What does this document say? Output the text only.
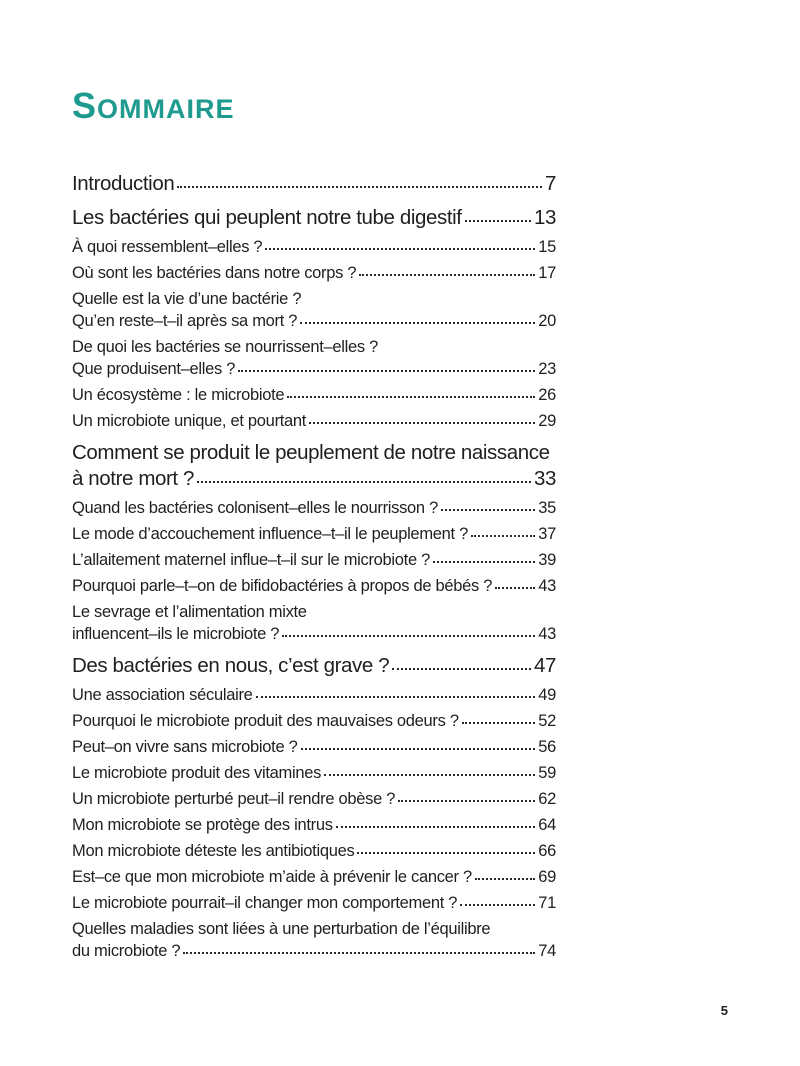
SOMMAIRE
Introduction	7
Les bactéries qui peuplent notre tube digestif	13
À quoi ressemblent–elles ?	15
Où sont les bactéries dans notre corps ?	17
Quelle est la vie d’une bactérie ?
Qu’en reste–t–il après sa mort ?	20
De quoi les bactéries se nourrissent–elles ?
Que produisent–elles ?	23
Un écosystème : le microbiote	26
Un microbiote unique, et pourtant	29
Comment se produit le peuplement de notre naissance
à notre mort ?	33
Quand les bactéries colonisent–elles le nourrisson ?	35
Le mode d’accouchement influence–t–il le peuplement ?	37
L’allaitement maternel influe–t–il sur le microbiote ?	39
Pourquoi parle–t–on de bifidobactéries à propos de bébés ?	43
Le sevrage et l’alimentation mixte
influencent–ils le microbiote ?	43
Des bactéries en nous, c’est grave ?	47
Une association séculaire	49
Pourquoi le microbiote produit des mauvaises odeurs ?	52
Peut–on vivre sans microbiote ?	56
Le microbiote produit des vitamines	59
Un microbiote perturbé peut–il rendre obèse ?	62
Mon microbiote se protège des intrus	64
Mon microbiote déteste les antibiotiques	66
Est–ce que mon microbiote m’aide à prévenir le cancer ?	69
Le microbiote pourrait–il changer mon comportement ?	71
Quelles maladies sont liées à une perturbation de l’équilibre
du microbiote ?	74
5
